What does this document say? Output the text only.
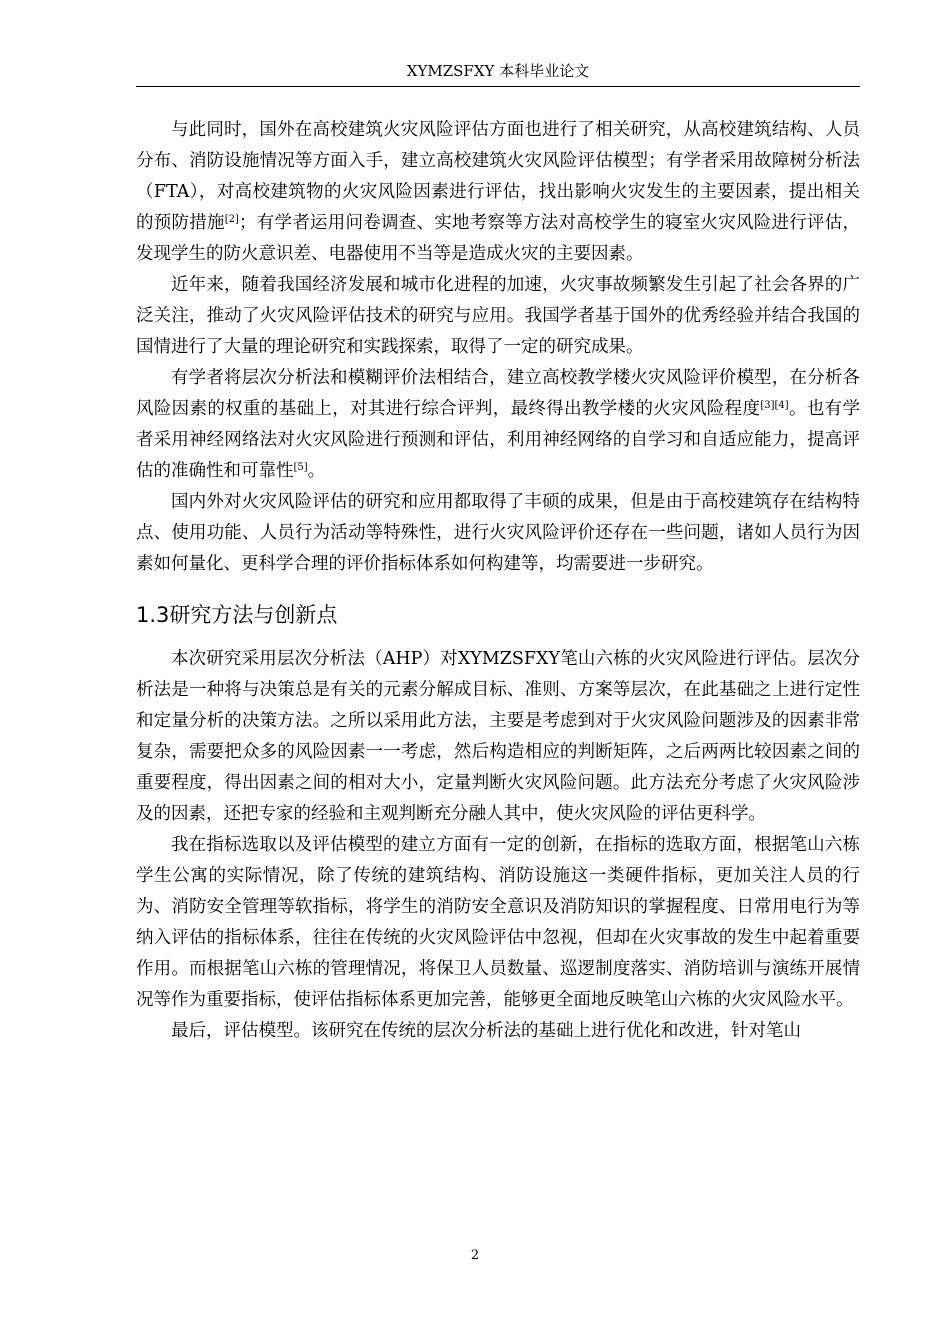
XYMZSFXY 本科毕业论文

与此同时，国外在高校建筑火灾风险评估方面也进行了相关研究，从高校建筑结构、人员分布、消防设施情况等方面入手，建立高校建筑火灾风险评估模型；有学者采用故障树分析法（FTA），对高校建筑物的火灾风险因素进行评估，找出影响火灾发生的主要因素，提出相关的预防措施[2]；有学者运用问卷调查、实地考察等方法对高校学生的寝室火灾风险进行评估，发现学生的防火意识差、电器使用不当等是造成火灾的主要因素。

近年来，随着我国经济发展和城市化进程的加速，火灾事故频繁发生引起了社会各界的广泛关注，推动了火灾风险评估技术的研究与应用。我国学者基于国外的优秀经验并结合我国的国情进行了大量的理论研究和实践探索，取得了一定的研究成果。

有学者将层次分析法和模糊评价法相结合，建立高校教学楼火灾风险评价模型，在分析各风险因素的权重的基础上，对其进行综合评判，最终得出教学楼的火灾风险程度[3][4]。也有学者采用神经网络法对火灾风险进行预测和评估，利用神经网络的自学习和自适应能力，提高评估的准确性和可靠性[5]。

国内外对火灾风险评估的研究和应用都取得了丰硕的成果，但是由于高校建筑存在结构特点、使用功能、人员行为活动等特殊性，进行火灾风险评价还存在一些问题，诸如人员行为因素如何量化、更科学合理的评价指标体系如何构建等，均需要进一步研究。

1.3研究方法与创新点

本次研究采用层次分析法（AHP）对XYMZSFXY笔山六栋的火灾风险进行评估。层次分析法是一种将与决策总是有关的元素分解成目标、准则、方案等层次，在此基础之上进行定性和定量分析的决策方法。之所以采用此方法，主要是考虑到对于火灾风险问题涉及的因素非常复杂，需要把众多的风险因素一一考虑，然后构造相应的判断矩阵，之后两两比较因素之间的重要程度，得出因素之间的相对大小，定量判断火灾风险问题。此方法充分考虑了火灾风险涉及的因素，还把专家的经验和主观判断充分融人其中，使火灾风险的评估更科学。

我在指标选取以及评估模型的建立方面有一定的创新，在指标的选取方面，根据笔山六栋学生公寓的实际情况，除了传统的建筑结构、消防设施这一类硬件指标，更加关注人员的行为、消防安全管理等软指标，将学生的消防安全意识及消防知识的掌握程度、日常用电行为等纳入评估的指标体系，往往在传统的火灾风险评估中忽视，但却在火灾事故的发生中起着重要作用。而根据笔山六栋的管理情况，将保卫人员数量、巡逻制度落实、消防培训与演练开展情况等作为重要指标，使评估指标体系更加完善，能够更全面地反映笔山六栋的火灾风险水平。

最后，评估模型。该研究在传统的层次分析法的基础上进行优化和改进，针对笔山

2
